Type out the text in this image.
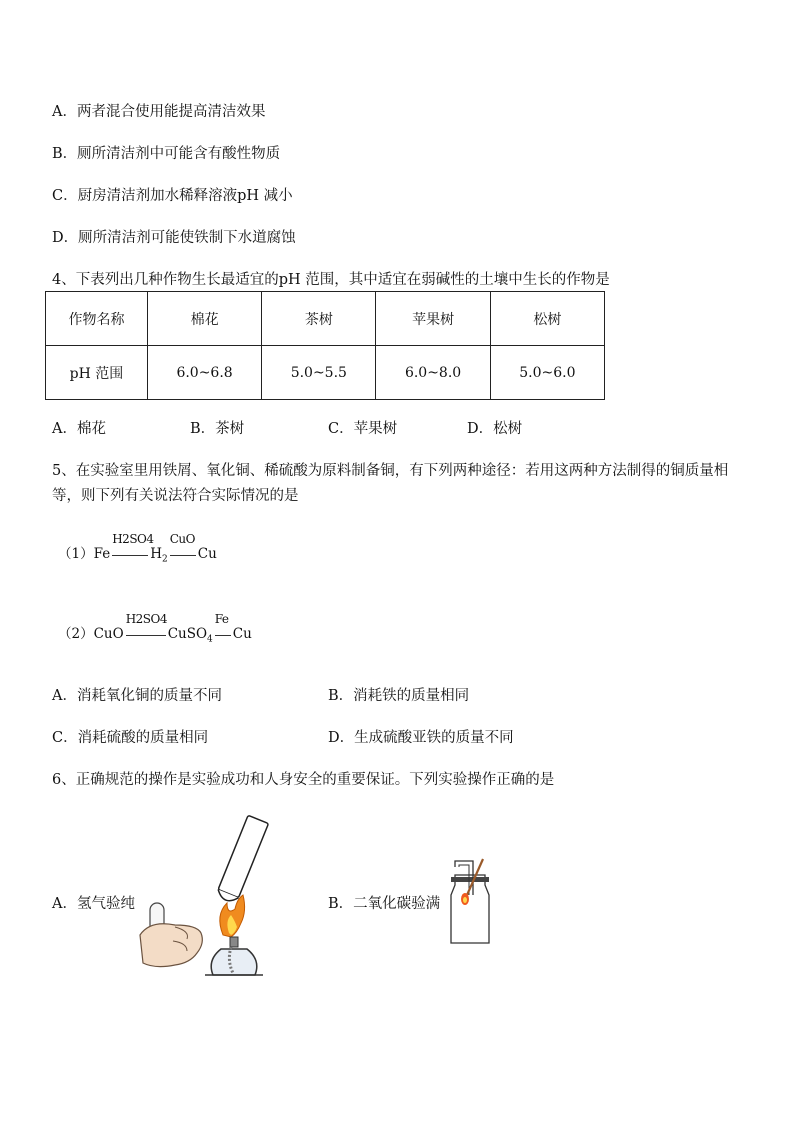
A．两者混合使用能提高清洁效果
B．厕所清洁剂中可能含有酸性物质
C．厨房清洁剂加水稀释溶液pH 减小
D．厕所清洁剂可能使铁制下水道腐蚀
4、下表列出几种作物生长最适宜的pH 范围，其中适宜在弱碱性的土壤中生长的作物是
作物名称	棉花	茶树	苹果树	松树
pH 范围	6.0~6.8	5.0~5.5	6.0~8.0	5.0~6.0
A．棉花	B．茶树	C．苹果树	D．松树
5、在实验室里用铁屑、氧化铜、稀硫酸为原料制备铜，有下列两种途径：若用这两种方法制得的铜质量相
等，则下列有关说法符合实际情况的是
（1）Fe
H2SO4
$H_2$
CuO
Cu
（2）CuO
H2SO4
CuSO$_4$
Fe
Cu
A．消耗氧化铜的质量不同	B．消耗铁的质量相同
C．消耗硫酸的质量相同	D．生成硫酸亚铁的质量不同
6、正确规范的操作是实验成功和人身安全的重要保证。下列实验操作正确的是
A．氢气验纯	B．二氧化碳验满
